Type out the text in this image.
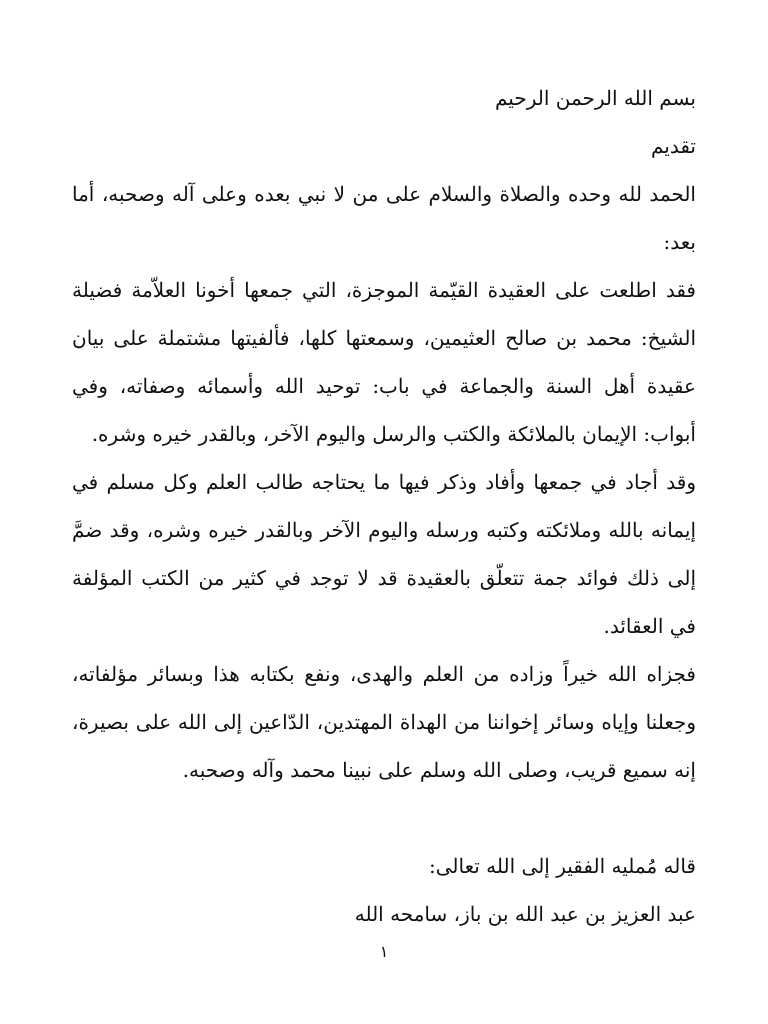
بسم الله الرحمن الرحيم
تقديم

الحمد لله وحده والصلاة والسلام على من لا نبي بعده وعلى آله وصحبه، أما بعد:

فقد اطلعت على العقيدة القيّمة الموجزة، التي جمعها أخونا العلاّمة فضيلة الشيخ: محمد بن صالح العثيمين، وسمعتها كلها، فألفيتها مشتملة على بيان عقيدة أهل السنة والجماعة في باب: توحيد الله وأسمائه وصفاته، وفي أبواب: الإيمان بالملائكة والكتب والرسل واليوم الآخر، وبالقدر خيره وشره.

وقد أجاد في جمعها وأفاد وذكر فيها ما يحتاجه طالب العلم وكل مسلم في إيمانه بالله وملائكته وكتبه ورسله واليوم الآخر وبالقدر خيره وشره، وقد ضمَّ إلى ذلك فوائد جمة تتعلّق بالعقيدة قد لا توجد في كثير من الكتب المؤلفة في العقائد.

فجزاه الله خيراً وزاده من العلم والهدى، ونفع بكتابه هذا وبسائر مؤلفاته، وجعلنا وإياه وسائر إخواننا من الهداة المهتدين، الدّاعين إلى الله على بصيرة، إنه سميع قريب، وصلى الله وسلم على نبينا محمد وآله وصحبه.

قاله مُمليه الفقير إلى الله تعالى:
عبد العزيز بن عبد الله بن باز، سامحه الله
١
